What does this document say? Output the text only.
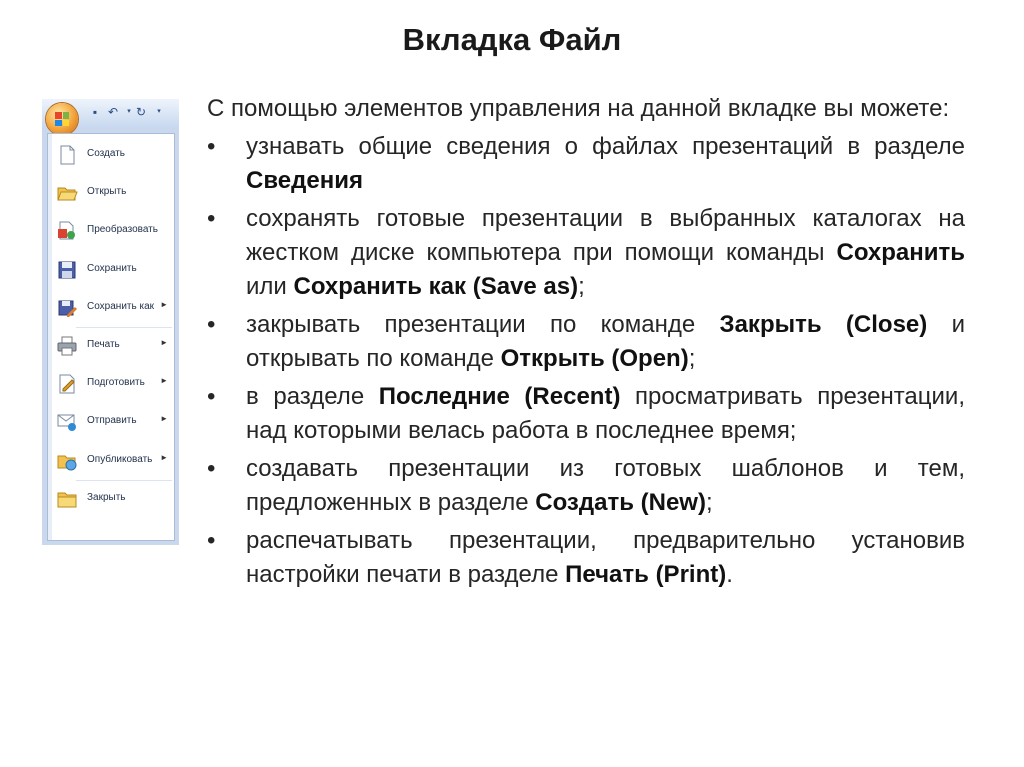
Вкладка Файл
▪ ↶	▾ ↻	▾
Создать
Открыть
Преобразовать
Сохранить
Сохранить как ►
Печать	►
Подготовить ►
Отправить	►
Опубликовать ►
Закрыть

С помощью элементов управления на данной вкладке вы можете:

• узнавать общие сведения о файлах презентаций в разделе Сведения
• сохранять готовые презентации в выбранных каталогах на жестком диске компьютера при помощи команды Сохранить или Сохранить как (Save as);
• закрывать презентации по команде Закрыть (Close) и открывать по команде Открыть (Open);
• в разделе Последние (Recent) просматривать презентации, над которыми велась работа в последнее время;
• создавать презентации из готовых шаблонов и тем, предложенных в разделе Создать (New);
• распечатывать презентации, предварительно установив настройки печати в разделе Печать (Print).
